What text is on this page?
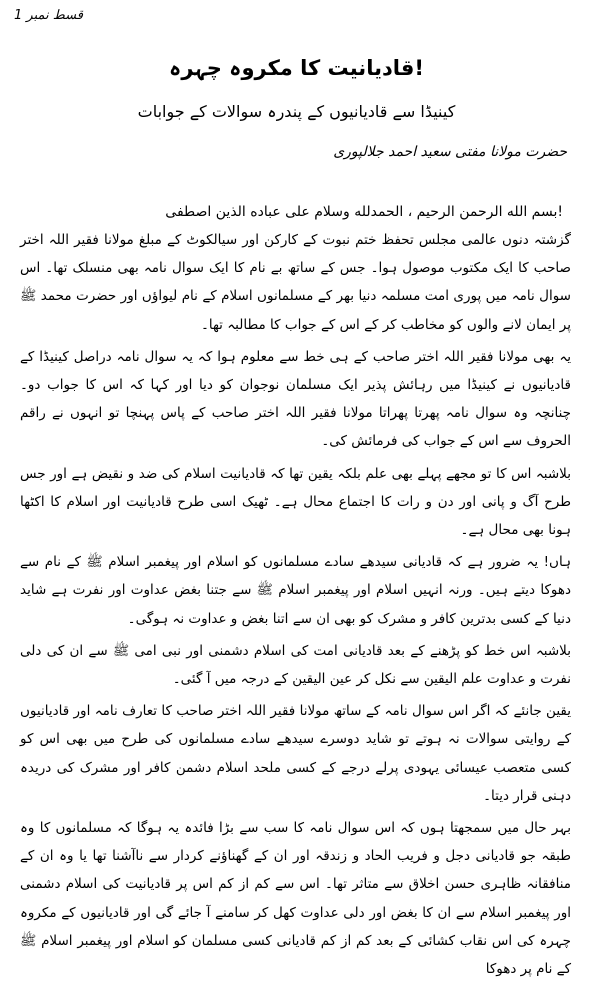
قسط نمبر 1
قادیانیت کا مکروہ چہرہ!
کینیڈا سے قادیانیوں کے پندرہ سوالات کے جوابات
حضرت مولانا مفتی سعید احمد جلالپوری
بسم الله الرحمن الرحيم ، الحمدلله وسلام على عباده الذين اصطفى!

گزشتہ دنوں عالمی مجلس تحفظ ختم نبوت کے کارکن اور سیالکوٹ کے مبلغ مولانا فقیر اللہ اختر صاحب کا ایک مکتوب موصول ہوا۔ جس کے ساتھ بے نام کا ایک سوال نامہ بھی منسلک تھا۔ اس سوال نامہ میں پوری امت مسلمہ دنیا بھر کے مسلمانوں اسلام کے نام لیواؤں اور حضرت محمد ﷺ پر ایمان لانے والوں کو مخاطب کر کے اس کے جواب کا مطالبہ تھا۔

یہ بھی مولانا فقیر اللہ اختر صاحب کے ہی خط سے معلوم ہوا کہ یہ سوال نامہ دراصل کینیڈا کے قادیانیوں نے کینیڈا میں رہائش پذیر ایک مسلمان نوجوان کو دیا اور کہا کہ اس کا جواب دو۔ چنانچہ وہ سوال نامہ پھرتا پھراتا مولانا فقیر اللہ اختر صاحب کے پاس پہنچا تو انہوں نے راقم الحروف سے اس کے جواب کی فرمائش کی۔

بلاشبہ اس کا تو مجھے پہلے بھی علم بلکہ یقین تھا کہ قادیانیت اسلام کی ضد و نقیض ہے اور جس طرح آگ و پانی اور دن و رات کا اجتماع محال ہے۔ ٹھیک اسی طرح قادیانیت اور اسلام کا اکٹھا ہونا بھی محال ہے۔

ہاں! یہ ضرور ہے کہ قادیانی سیدھے سادے مسلمانوں کو اسلام اور پیغمبر اسلام ﷺ کے نام سے دھوکا دیتے ہیں۔ ورنہ انہیں اسلام اور پیغمبر اسلام ﷺ سے جتنا بغض عداوت اور نفرت ہے شاید دنیا کے کسی بدترین کافر و مشرک کو بھی ان سے اتنا بغض و عداوت نہ ہوگی۔

بلاشبہ اس خط کو پڑھنے کے بعد قادیانی امت کی اسلام دشمنی اور نبی امی ﷺ سے ان کی دلی نفرت و عداوت علم الیقین سے نکل کر عین الیقین کے درجہ میں آ گئی۔

یقین جانئے کہ اگر اس سوال نامہ کے ساتھ مولانا فقیر اللہ اختر صاحب کا تعارف نامہ اور قادیانیوں کے روایتی سوالات نہ ہوتے تو شاید دوسرے سیدھے سادے مسلمانوں کی طرح میں بھی اس کو کسی متعصب عیسائی یہودی پرلے درجے کے کسی ملحد اسلام دشمن کافر اور مشرک کی دریدہ دہنی قرار دیتا۔

بہر حال میں سمجھتا ہوں کہ اس سوال نامہ کا سب سے بڑا فائدہ یہ ہوگا کہ مسلمانوں کا وہ طبقہ جو قادیانی دجل و فریب الحاد و زندقہ اور ان کے گھناؤنے کردار سے ناآشنا تھا یا وہ ان کے منافقانہ ظاہری حسن اخلاق سے متاثر تھا۔ اس سے کم از کم اس پر قادیانیت کی اسلام دشمنی اور پیغمبر اسلام سے ان کا بغض اور دلی عداوت کھل کر سامنے آ جائے گی اور قادیانیوں کے مکروہ چہرہ کی اس نقاب کشائی کے بعد کم از کم قادیانی کسی مسلمان کو اسلام اور پیغمبر اسلام ﷺ کے نام پر دھوکا
